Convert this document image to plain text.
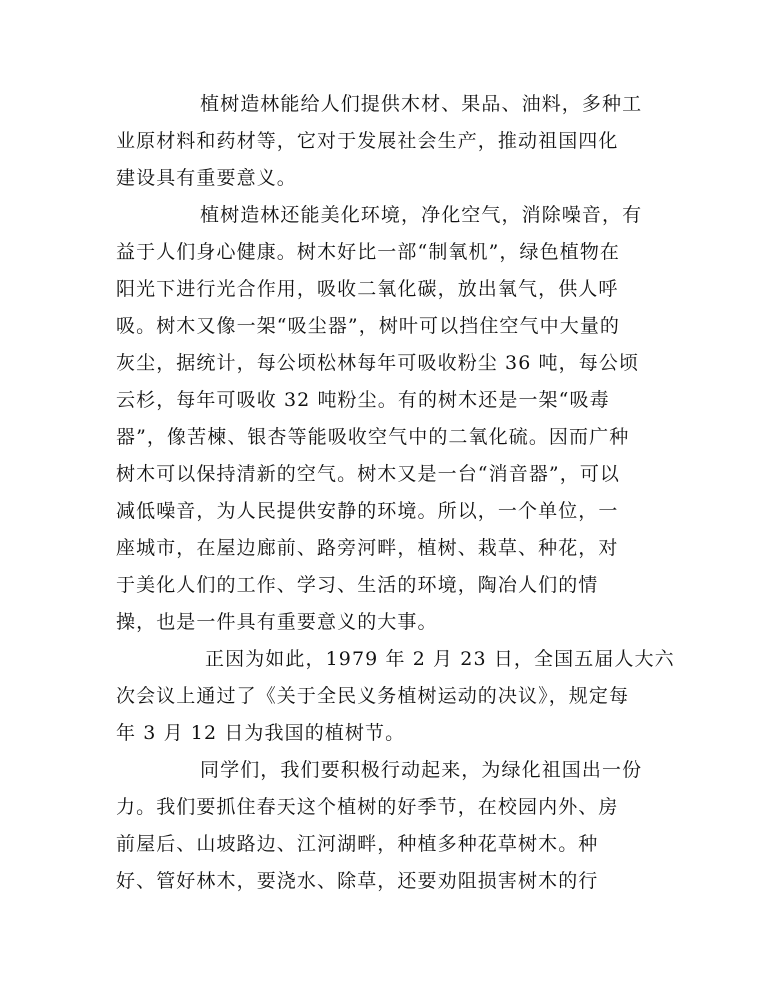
植树造林能给人们提供木材、果品、油料，多种工

业原材料和药材等，它对于发展社会生产，推动祖国四化

建设具有重要意义。

植树造林还能美化环境，净化空气，消除噪音，有

益于人们身心健康。树木好比一部“制氧机”，绿色植物在

阳光下进行光合作用，吸收二氧化碳，放出氧气，供人呼

吸。树木又像一架“吸尘器”，树叶可以挡住空气中大量的

灰尘，据统计，每公顷松林每年可吸收粉尘 36 吨，每公顷

云杉，每年可吸收 32 吨粉尘。有的树木还是一架“吸毒

器”，像苦楝、银杏等能吸收空气中的二氧化硫。因而广种

树木可以保持清新的空气。树木又是一台“消音器”，可以

减低噪音，为人民提供安静的环境。所以，一个单位，一

座城市，在屋边廊前、路旁河畔，植树、栽草、种花，对

于美化人们的工作、学习、生活的环境，陶冶人们的情

操，也是一件具有重要意义的大事。

正因为如此，1979 年 2 月 23 日，全国五届人大六

次会议上通过了《关于全民义务植树运动的决议》，规定每

年 3 月 12 日为我国的植树节。

同学们，我们要积极行动起来，为绿化祖国出一份

力。我们要抓住春天这个植树的好季节，在校园内外、房

前屋后、山坡路边、江河湖畔，种植多种花草树木。种

好、管好林木，要浇水、除草，还要劝阻损害树木的行
